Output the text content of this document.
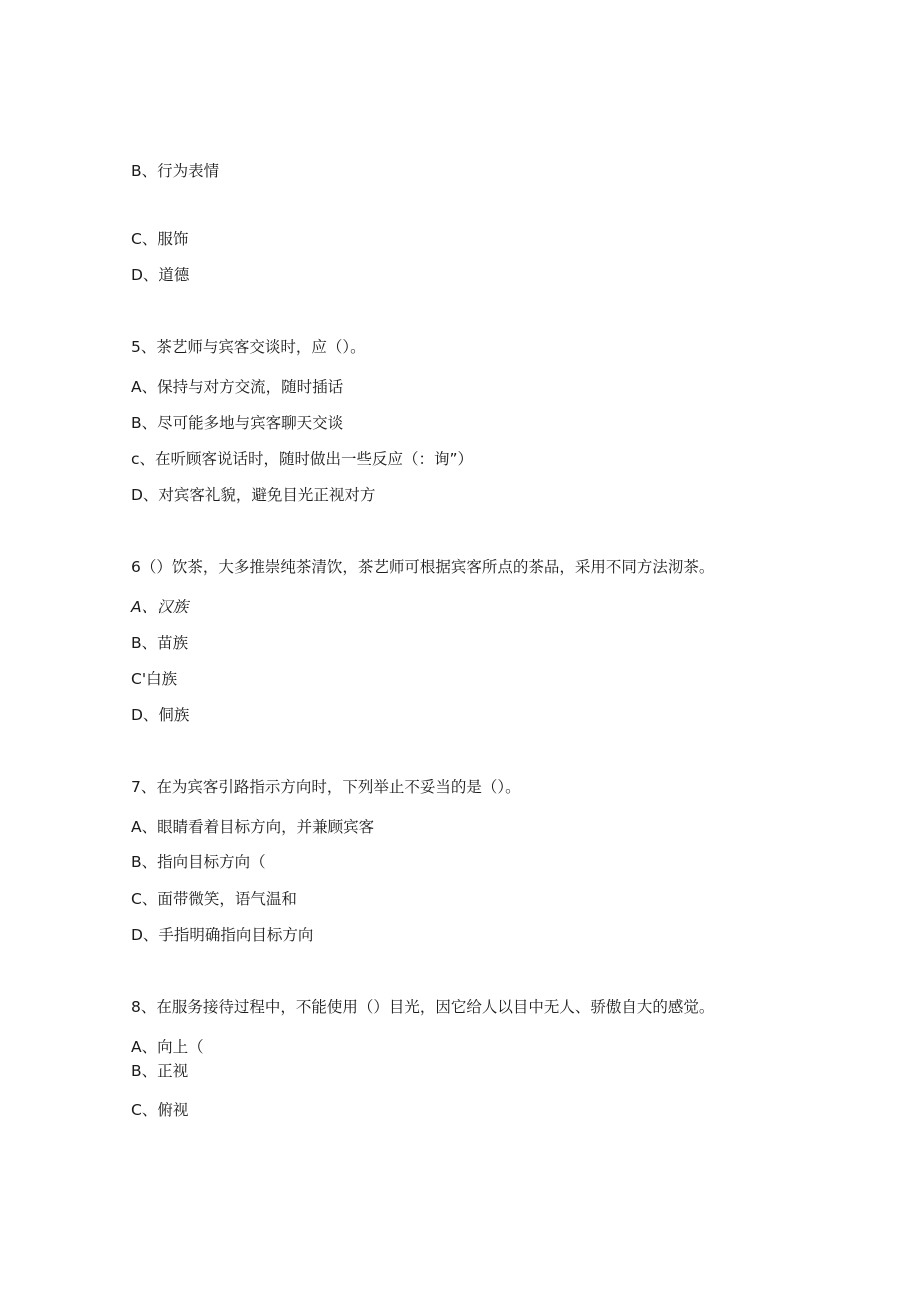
B、行为表情
C、服饰
D、道德
5、茶艺师与宾客交谈时，应（）。
A、保持与对方交流，随时插话
B、尽可能多地与宾客聊天交谈
c、在听顾客说话时，随时做出一些反应（：询”）
D、对宾客礼貌，避免目光正视对方
6（）饮茶，大多推崇纯茶清饮，茶艺师可根据宾客所点的茶品，采用不同方法沏茶。
A、汉族
B、苗族
C'白族
D、侗族
7、在为宾客引路指示方向时，下列举止不妥当的是（）。
A、眼睛看着目标方向，并兼顾宾客
B、指向目标方向（
C、面带微笑，语气温和
D、手指明确指向目标方向
8、在服务接待过程中，不能使用（）目光，因它给人以目中无人、骄傲自大的感觉。
A、向上（
B、正视
C、俯视
